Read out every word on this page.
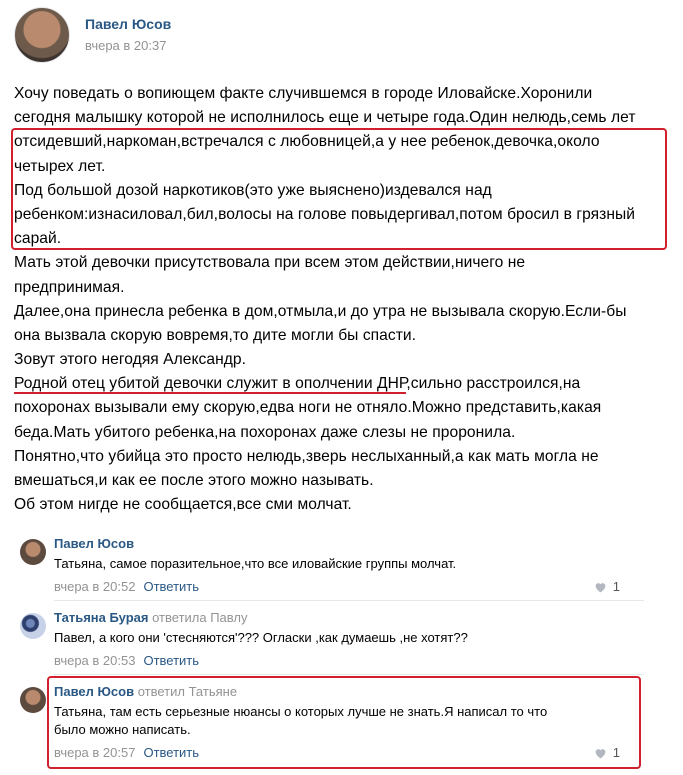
Павел Юсов
вчера в 20:37
Хочу поведать о вопиющем факте случившемся в городе Иловайске.Хоронили
сегодня малышку которой не исполнилось еще и четыре года.Один нелюдь,семь лет
отсидевший,наркоман,встречался с любовницей,а у нее ребенок,девочка,около
четырех лет.
Под большой дозой наркотиков(это уже выяснено)издевался над
ребенком:изнасиловал,бил,волосы на голове повыдергивал,потом бросил в грязный
сарай.
Мать этой девочки присутствовала при всем этом действии,ничего не
предпринимая.
Далее,она принесла ребенка в дом,отмыла,и до утра не вызывала скорую.Если-бы
она вызвала скорую вовремя,то дите могли бы спасти.
Зовут этого негодяя Александр.
Родной отец убитой девочки служит в ополчении ДНР,сильно расстроился,на
похоронах вызывали ему скорую,едва ноги не отняло.Можно представить,какая
беда.Мать убитого ребенка,на похоронах даже слезы не проронила.
Понятно,что убийца это просто нелюдь,зверь неслыханный,а как мать могла не
вмешаться,и как ее после этого можно называть.
Об этом нигде не сообщается,все сми молчат.
Павел Юсов
Татьяна, самое поразительное,что все иловайские группы молчат.
вчера в 20:52 Ответить	1
Татьяна Бурая ответила Павлу
Павел, а кого они 'стесняются'??? Огласки ,как думаешь ,не хотят??
вчера в 20:53 Ответить
Павел Юсов ответил Татьяне
Татьяна, там есть серьезные нюансы о которых лучше не знать.Я написал то что
было можно написать.
вчера в 20:57 Ответить	1
